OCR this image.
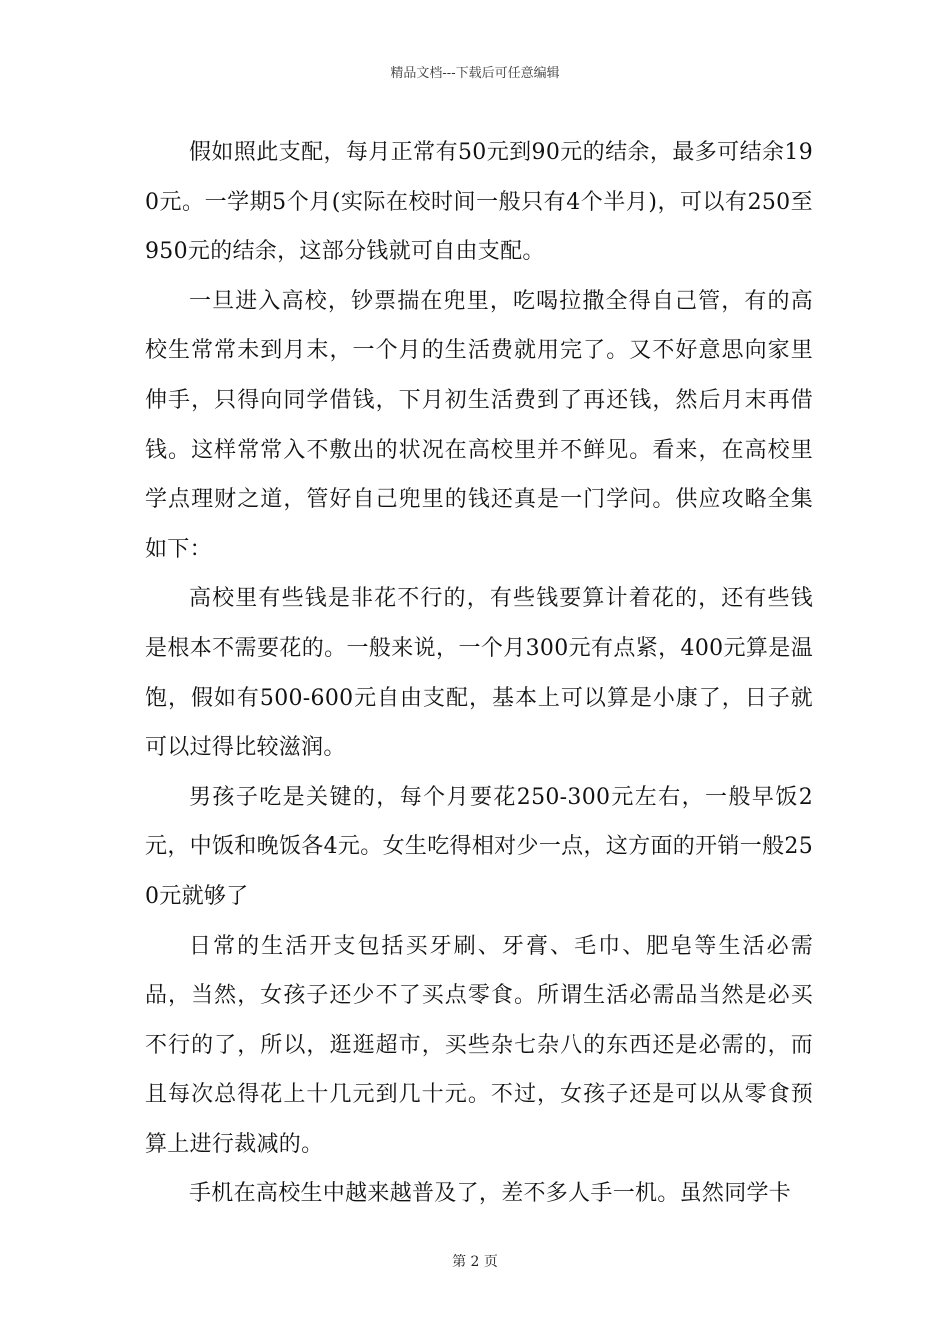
精品文档---下载后可任意编辑

假如照此支配，每月正常有50元到90元的结余，最多可结余190元。一学期5个月(实际在校时间一般只有4个半月)，可以有250至950元的结余，这部分钱就可自由支配。

一旦进入高校，钞票揣在兜里，吃喝拉撒全得自己管，有的高校生常常未到月末，一个月的生活费就用完了。又不好意思向家里伸手，只得向同学借钱，下月初生活费到了再还钱，然后月末再借钱。这样常常入不敷出的状况在高校里并不鲜见。看来，在高校里学点理财之道，管好自己兜里的钱还真是一门学问。供应攻略全集如下：

高校里有些钱是非花不行的，有些钱要算计着花的，还有些钱是根本不需要花的。一般来说，一个月300元有点紧，400元算是温饱，假如有500-600元自由支配，基本上可以算是小康了，日子就可以过得比较滋润。

男孩子吃是关键的，每个月要花250-300元左右，一般早饭2元，中饭和晚饭各4元。女生吃得相对少一点，这方面的开销一般250元就够了

日常的生活开支包括买牙刷、牙膏、毛巾、肥皂等生活必需品，当然，女孩子还少不了买点零食。所谓生活必需品当然是必买不行的了，所以，逛逛超市，买些杂七杂八的东西还是必需的，而且每次总得花上十几元到几十元。不过，女孩子还是可以从零食预算上进行裁减的。

手机在高校生中越来越普及了，差不多人手一机。虽然同学卡

第 2 页
